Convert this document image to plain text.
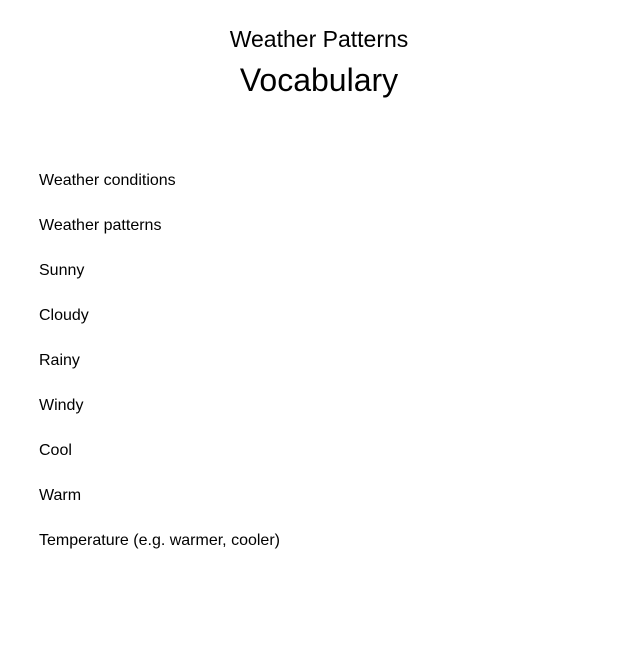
Weather Patterns
Vocabulary
Weather conditions
Weather patterns
Sunny
Cloudy
Rainy
Windy
Cool
Warm
Temperature (e.g. warmer, cooler)
